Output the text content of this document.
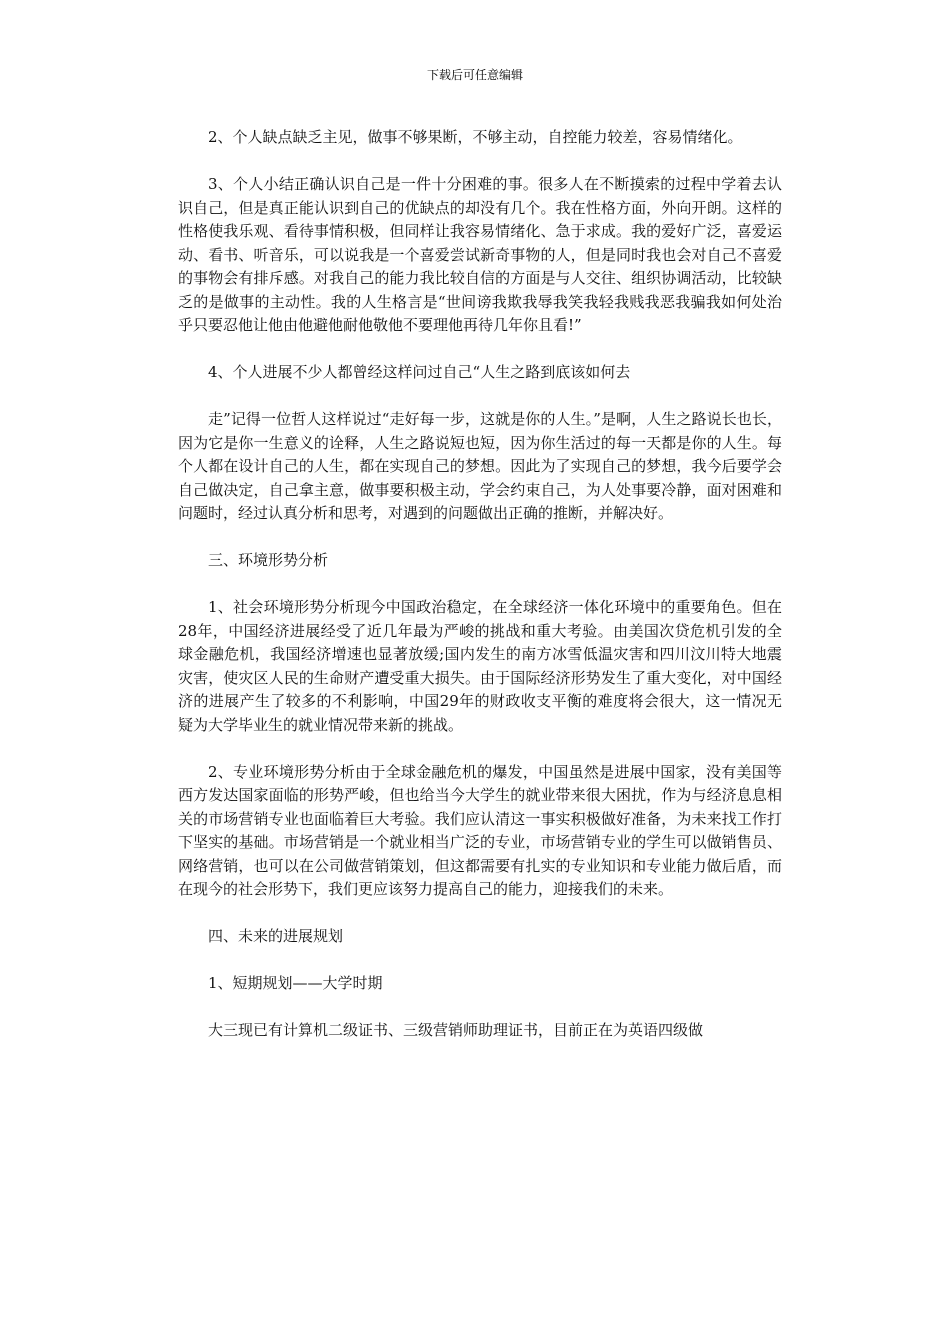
下载后可任意编辑

2、个人缺点缺乏主见，做事不够果断，不够主动，自控能力较差，容易情绪化。

3、个人小结正确认识自己是一件十分困难的事。很多人在不断摸索的过程中学着去认识自己，但是真正能认识到自己的优缺点的却没有几个。我在性格方面，外向开朗。这样的性格使我乐观、看待事情积极，但同样让我容易情绪化、急于求成。我的爱好广泛，喜爱运动、看书、听音乐，可以说我是一个喜爱尝试新奇事物的人，但是同时我也会对自己不喜爱的事物会有排斥感。对我自己的能力我比较自信的方面是与人交往、组织协调活动，比较缺乏的是做事的主动性。我的人生格言是“世间谤我欺我辱我笑我轻我贱我恶我骗我如何处治乎只要忍他让他由他避他耐他敬他不要理他再待几年你且看!”

4、个人进展不少人都曾经这样问过自己“人生之路到底该如何去

走”记得一位哲人这样说过“走好每一步，这就是你的人生。”是啊，人生之路说长也长，因为它是你一生意义的诠释，人生之路说短也短，因为你生活过的每一天都是你的人生。每个人都在设计自己的人生，都在实现自己的梦想。因此为了实现自己的梦想，我今后要学会自己做决定，自己拿主意，做事要积极主动，学会约束自己，为人处事要冷静，面对困难和问题时，经过认真分析和思考，对遇到的问题做出正确的推断，并解决好。

三、环境形势分析

1、社会环境形势分析现今中国政治稳定，在全球经济一体化环境中的重要角色。但在28年，中国经济进展经受了近几年最为严峻的挑战和重大考验。由美国次贷危机引发的全球金融危机，我国经济增速也显著放缓;国内发生的南方冰雪低温灾害和四川汶川特大地震灾害，使灾区人民的生命财产遭受重大损失。由于国际经济形势发生了重大变化，对中国经济的进展产生了较多的不利影响，中国29年的财政收支平衡的难度将会很大，这一情况无疑为大学毕业生的就业情况带来新的挑战。

2、专业环境形势分析由于全球金融危机的爆发，中国虽然是进展中国家，没有美国等西方发达国家面临的形势严峻，但也给当今大学生的就业带来很大困扰，作为与经济息息相关的市场营销专业也面临着巨大考验。我们应认清这一事实积极做好准备，为未来找工作打下坚实的基础。市场营销是一个就业相当广泛的专业，市场营销专业的学生可以做销售员、网络营销，也可以在公司做营销策划，但这都需要有扎实的专业知识和专业能力做后盾，而在现今的社会形势下，我们更应该努力提高自己的能力，迎接我们的未来。

四、未来的进展规划

1、短期规划——大学时期

大三现已有计算机二级证书、三级营销师助理证书，目前正在为英语四级做
